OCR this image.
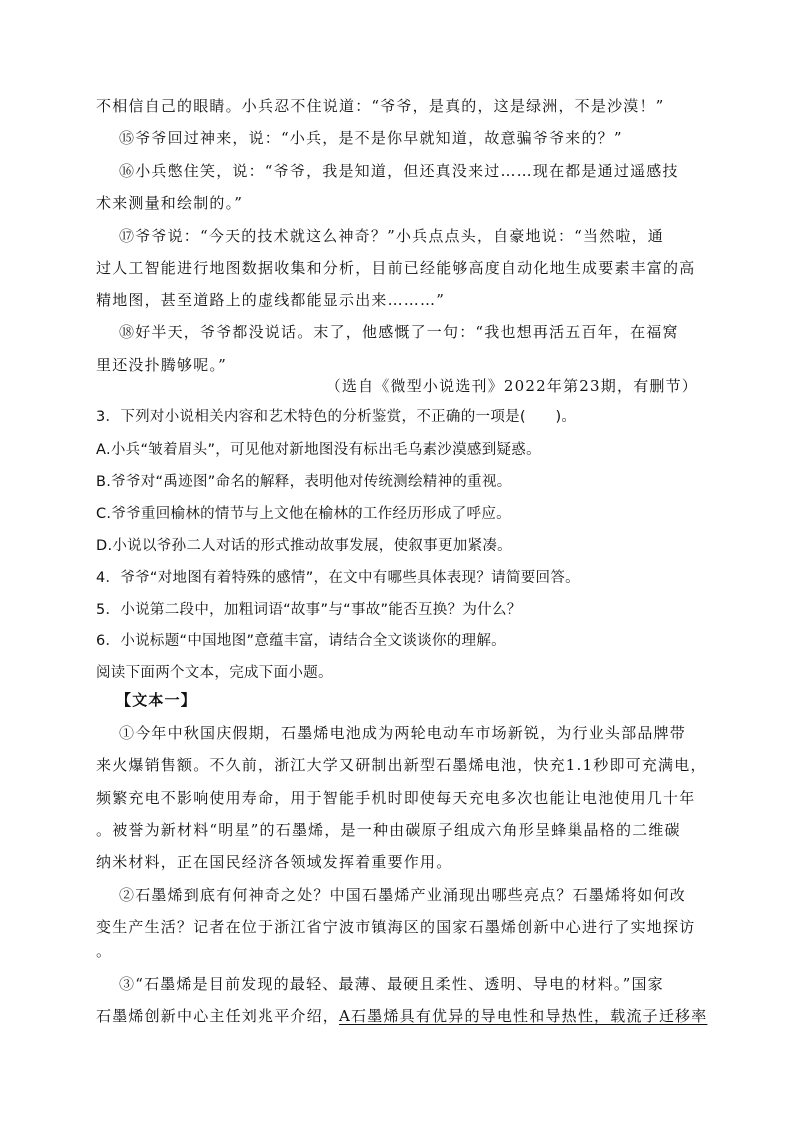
不相信自己的眼睛。小兵忍不住说道：“爷爷，是真的，这是绿洲，不是沙漠！”
⑮爷爷回过神来，说：“小兵，是不是你早就知道，故意骗爷爷来的？”
⑯小兵憋住笑，说：“爷爷，我是知道，但还真没来过……现在都是通过遥感技
术来测量和绘制的。”
⑰爷爷说：“今天的技术就这么神奇？”小兵点点头，自豪地说：“当然啦，通
过人工智能进行地图数据收集和分析，目前已经能够高度自动化地生成要素丰富的高
精地图，甚至道路上的虚线都能显示出来………”
⑱好半天，爷爷都没说话。末了，他感慨了一句：“我也想再活五百年，在福窝
里还没扑腾够呢。”
（选自《微型小说选刊》2022年第23期，有删节）
3．下列对小说相关内容和艺术特色的分析鉴赏，不正确的一项是(　　)。
A.小兵“皱着眉头”，可见他对新地图没有标出毛乌素沙漠感到疑惑。
B.爷爷对“禹迹图”命名的解释，表明他对传统测绘精神的重视。
C.爷爷重回榆林的情节与上文他在榆林的工作经历形成了呼应。
D.小说以爷孙二人对话的形式推动故事发展，使叙事更加紧凑。
4．爷爷“对地图有着特殊的感情”，在文中有哪些具体表现？请简要回答。
5．小说第二段中，加粗词语“故事”与“事故”能否互换？为什么？
6．小说标题“中国地图”意蕴丰富，请结合全文谈谈你的理解。
阅读下面两个文本，完成下面小题。
【文本一】
①今年中秋国庆假期，石墨烯电池成为两轮电动车市场新锐，为行业头部品牌带
来火爆销售额。不久前，浙江大学又研制出新型石墨烯电池，快充1.1秒即可充满电，
频繁充电不影响使用寿命，用于智能手机时即使每天充电多次也能让电池使用几十年
。被誉为新材料“明星”的石墨烯，是一种由碳原子组成六角形呈蜂巢晶格的二维碳
纳米材料，正在国民经济各领域发挥着重要作用。
②石墨烯到底有何神奇之处？中国石墨烯产业涌现出哪些亮点？石墨烯将如何改
变生产生活？记者在位于浙江省宁波市镇海区的国家石墨烯创新中心进行了实地探访
。
③“石墨烯是目前发现的最轻、最薄、最硬且柔性、透明、导电的材料。”国家
石墨烯创新中心主任刘兆平介绍，A石墨烯具有优异的导电性和导热性，载流子迁移率
